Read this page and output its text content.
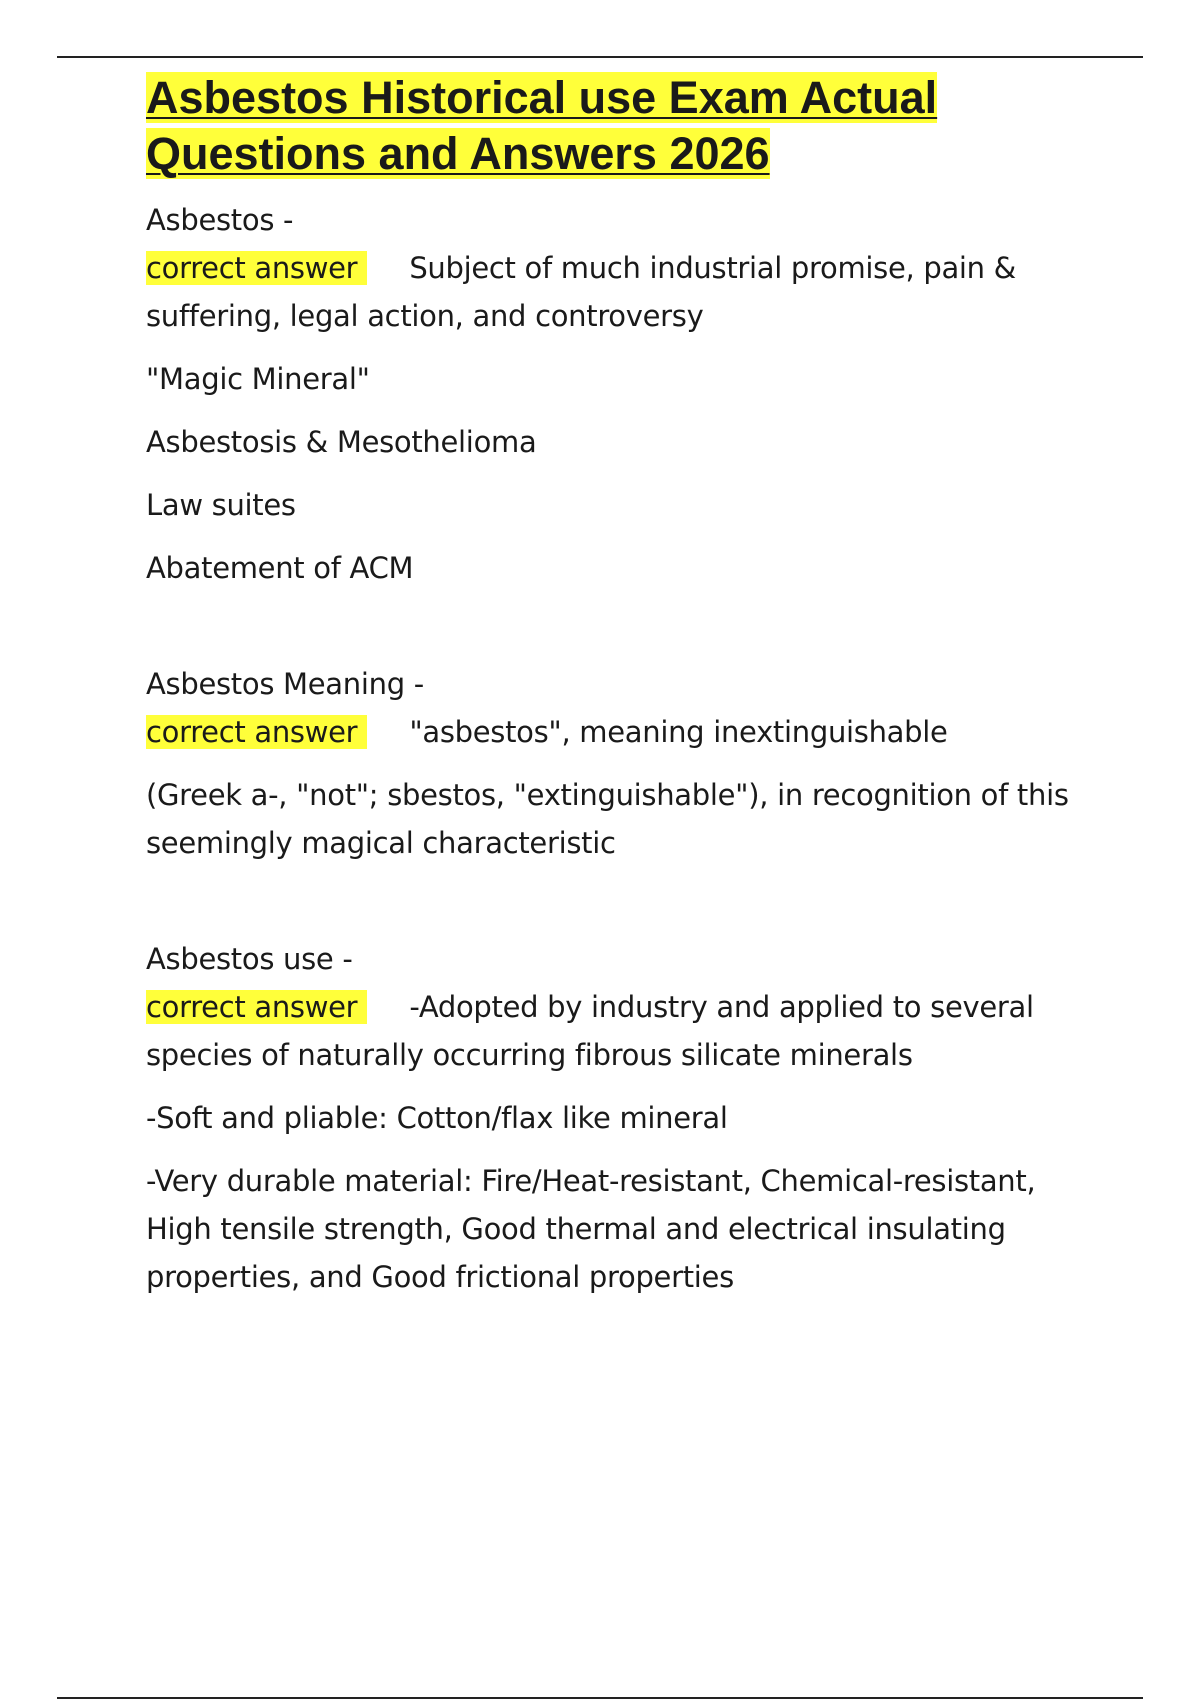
Asbestos Historical use Exam Actual Questions and Answers 2026
Asbestos -
correct answer Subject of much industrial promise, pain & suffering, legal action, and controversy
"Magic Mineral"
Asbestosis & Mesothelioma
Law suites
Abatement of ACM
Asbestos Meaning -
correct answer "asbestos", meaning inextinguishable
(Greek a-, "not"; sbestos, "extinguishable"), in recognition of this seemingly magical characteristic
Asbestos use -
correct answer -Adopted by industry and applied to several species of naturally occurring fibrous silicate minerals
-Soft and pliable: Cotton/flax like mineral
-Very durable material: Fire/Heat-resistant, Chemical-resistant, High tensile strength, Good thermal and electrical insulating properties, and Good frictional properties
